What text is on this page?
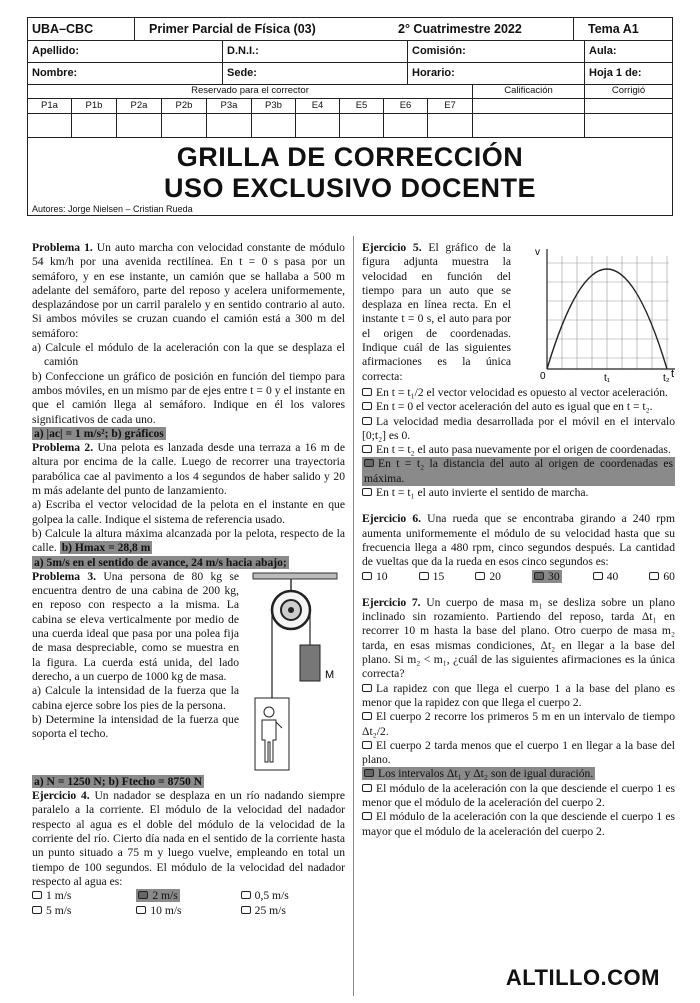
UBA–CBC	Primer Parcial de Física (03)	2° Cuatrimestre 2022	Tema A1
Apellido:	D.N.I.:	Comisión:	Aula:
Nombre:	Sede:	Horario:	Hoja 1 de:
Reservado para el corrector	Calificación	Corrigió
P1a	P1b	P2a	P2b	P3a	P3b	E4	E5	E6	E7
GRILLA DE CORRECCIÓN
USO EXCLUSIVO DOCENTE
Autores: Jorge Nielsen – Cristian Rueda

Problema 1. Un auto marcha con velocidad constante de módulo 54 km/h por una avenida rectilínea. En t = 0 s pasa por un semáforo, y en ese instante, un camión que se hallaba a 500 m adelante del semáforo, parte del reposo y acelera uniformemente, desplazándose por un carril paralelo y en sentido contrario al auto. Si ambos móviles se cruzan cuando el camión está a 300 m del semáforo:

a) Calcule el módulo de la aceleración con la que se desplaza el camión

b) Confeccione un gráfico de posición en función del tiempo para ambos móviles, en un mismo par de ejes entre t = 0 y el instante en que el camión llega al semáforo. Indique en él los valores significativos de cada uno.

a) |ac| = 1 m/s²; b) gráficos

Problema 2. Una pelota es lanzada desde una terraza a 16 m de altura por encima de la calle. Luego de recorrer una trayectoria parabólica cae al pavimento a los 4 segundos de haber salido y 20 m más adelante del punto de lanzamiento.

a) Escriba el vector velocidad de la pelota en el instante en que golpea la calle. Indique el sistema de referencia usado.

b) Calcule la altura máxima alcanzada por la pelota, respecto de la calle. b) Hmax = 28,8 m

a) 5m/s en el sentido de avance, 24 m/s hacia abajo;

M

Problema 3. Una persona de 80 kg se encuentra dentro de una cabina de 200 kg, en reposo con respecto a la misma. La cabina se eleva verticalmente por medio de una cuerda ideal que pasa por una polea fija de masa despreciable, como se muestra en la figura. La cuerda está unida, del lado derecho, a un cuerpo de 1000 kg de masa.

a) Calcule la intensidad de la fuerza que la cabina ejerce sobre los pies de la persona.

b) Determine la intensidad de la fuerza que soporta el techo.

a) N = 1250 N; b) Ftecho = 8750 N

Ejercicio 4. Un nadador se desplaza en un río nadando siempre paralelo a la corriente. El módulo de la velocidad del nadador respecto al agua es el doble del módulo de la velocidad de la corriente del río. Cierto día nada en el sentido de la corriente hasta un punto situado a 75 m y luego vuelve, empleando en total un tiempo de 100 segundos. El módulo de la velocidad del nadador respecto al agua es:

1 m/s	2 m/s	0,5 m/s
5 m/s	10 m/s	25 m/s
v
t
0	t₁	t₂

Ejercicio 5. El gráfico de la figura adjunta muestra la velocidad en función del tiempo para un auto que se desplaza en línea recta. En el instante t = 0 s, el auto para por el origen de coordenadas. Indique cuál de las siguientes afirmaciones es la única correcta:

En t = t₁/2 el vector velocidad es opuesto al vector aceleración.

En t = 0 el vector aceleración del auto es igual que en t = t₂.

La velocidad media desarrollada por el móvil en el intervalo [0;t₂] es 0.

En t = t₂ el auto pasa nuevamente por el origen de coordenadas.

En t = t₂ la distancia del auto al origen de coordenadas es máxima.

En t = t₁ el auto invierte el sentido de marcha.

Ejercicio 6. Una rueda que se encontraba girando a 240 rpm aumenta uniformemente el módulo de su velocidad hasta que su frecuencia llega a 480 rpm, cinco segundos después. La cantidad de vueltas que da la rueda en esos cinco segundos es:

10	15	20	30	40	60

Ejercicio 7. Un cuerpo de masa m₁ se desliza sobre un plano inclinado sin rozamiento. Partiendo del reposo, tarda Δt₁ en recorrer 10 m hasta la base del plano. Otro cuerpo de masa m₂ tarda, en esas mismas condiciones, Δt₂ en llegar a la base del plano. Si m₂ < m₁, ¿cuál de las siguientes afirmaciones es la única correcta?

La rapidez con que llega el cuerpo 1 a la base del plano es menor que la rapidez con que llega el cuerpo 2.

El cuerpo 2 recorre los primeros 5 m en un intervalo de tiempo Δt₂/2.

El cuerpo 2 tarda menos que el cuerpo 1 en llegar a la base del plano.

Los intervalos Δt₁ y Δt₂ son de igual duración.

El módulo de la aceleración con la que desciende el cuerpo 1 es menor que el módulo de la aceleración del cuerpo 2.

El módulo de la aceleración con la que desciende el cuerpo 1 es mayor que el módulo de la aceleración del cuerpo 2.

ALTILLO.COM
